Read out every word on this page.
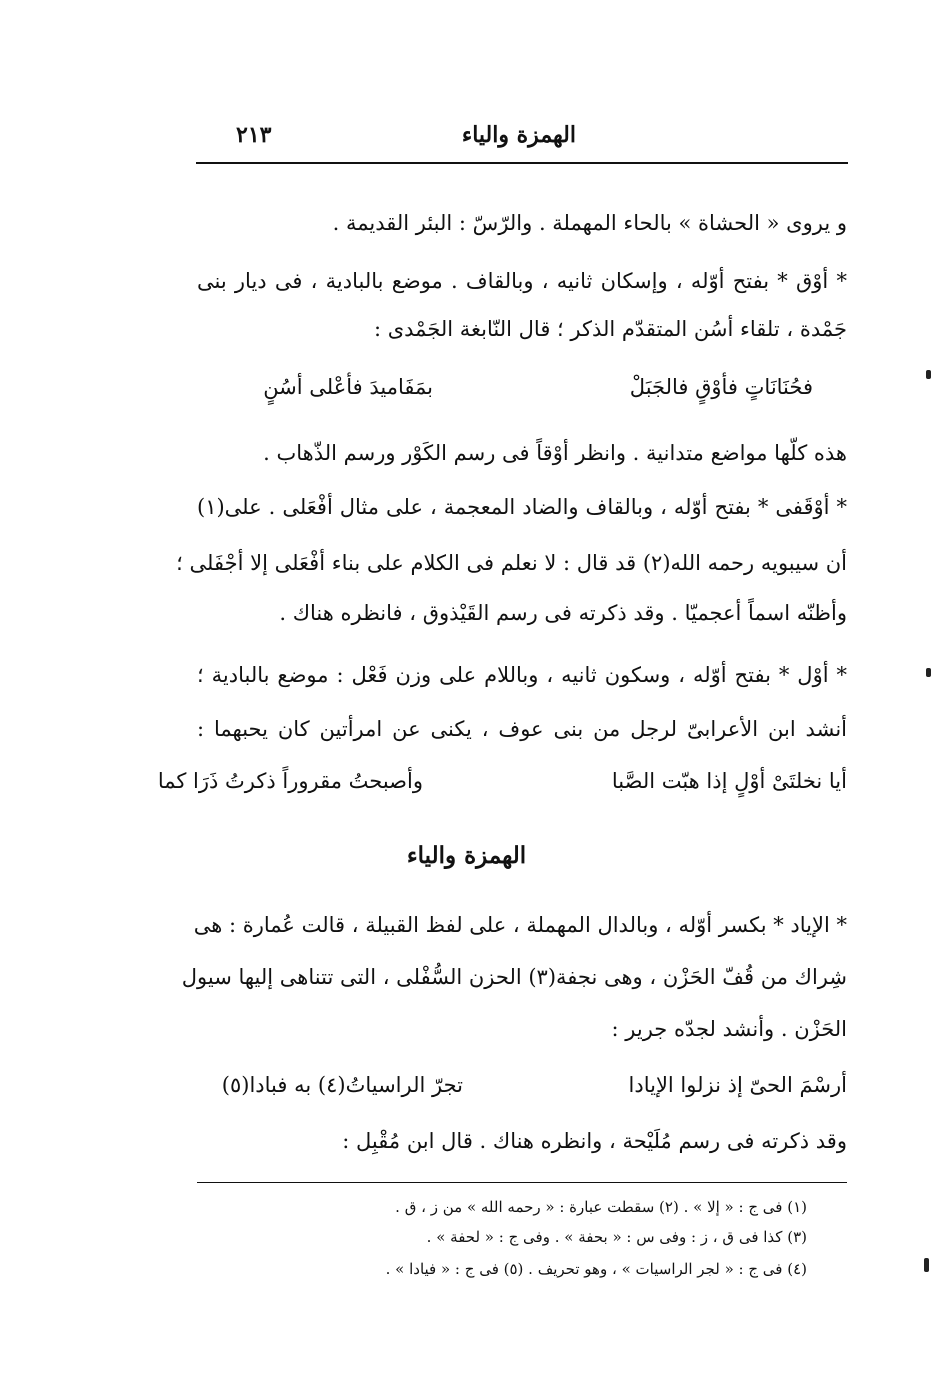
الهمزة والياء
٢١٣
و يروى « الحشاة » بالحاء المهملة . والرّسّ : البئر القديمة .
* أوْق * بفتح أوّله ، وإسكان ثانيه ، وبالقاف . موضع بالبادية ، فى ديار بنى
جَمْدة ، تلقاء أسُن المتقدّم الذكر ؛ قال النّابغة الجَمْدى :
فحُنَانَاتٍ فأوْقٍ فالجَبَلْ
بمَفَاميدَ فأعْلى أسُنٍ
هذه كلّها مواضع متدانية . وانظر أوْقاً فى رسم الكَوْر ورسم الذّهاب .
* أوْقَفى * بفتح أوّله ، وبالقاف والضاد المعجمة ، على مثال أفْعَلى . على(١)
أن سيبويه رحمه الله(٢) قد قال : لا نعلم فى الكلام على بناء أفْعَلى إلا أجْفَلى ؛
وأظنّه اسماً أعجميّا . وقد ذكرته فى رسم القَيْذوق ، فانظره هناك .
* أوْل * بفتح أوّله ، وسكون ثانيه ، وباللام على وزن فَعْل : موضع بالبادية ؛
أنشد ابن الأعرابىّ لرجل من بنى عوف ، يكنى عن امرأتين كان يحبهما :
أيا نخلتَىْ أوْلٍ إذا هبّت الصَّبا
وأصبحتُ مقروراً ذكرتُ ذَرَا كما
الهمزة والياء
* الإياد * بكسر أوّله ، وبالدال المهملة ، على لفظ القبيلة ، قالت عُمارة : هى
شِراك من قُفّ الحَزْن ، وهى نجفة(٣) الحزن السُّفْلى ، التى تتناهى إليها سيول
الحَزْن . وأنشد لجدّه جرير :
أرسْمَ الحىّ إذ نزلوا الإيادا
تجرّ الراسياتُ(٤) به فبادا(٥)
وقد ذكرته فى رسم مُلَيْحة ، وانظره هناك . قال ابن مُقْبِل :
(١) فى ج : « إلا » . (٢) سقطت عبارة : « رحمه الله » من ز ، ق .
(٣) كذا فى ق ، ز : وفى س : « بحفة » . وفى ج : « لحفة » .
(٤) فى ج : « لجر الراسيات » ، وهو تحريف . (٥) فى ج : « فيادا » .
